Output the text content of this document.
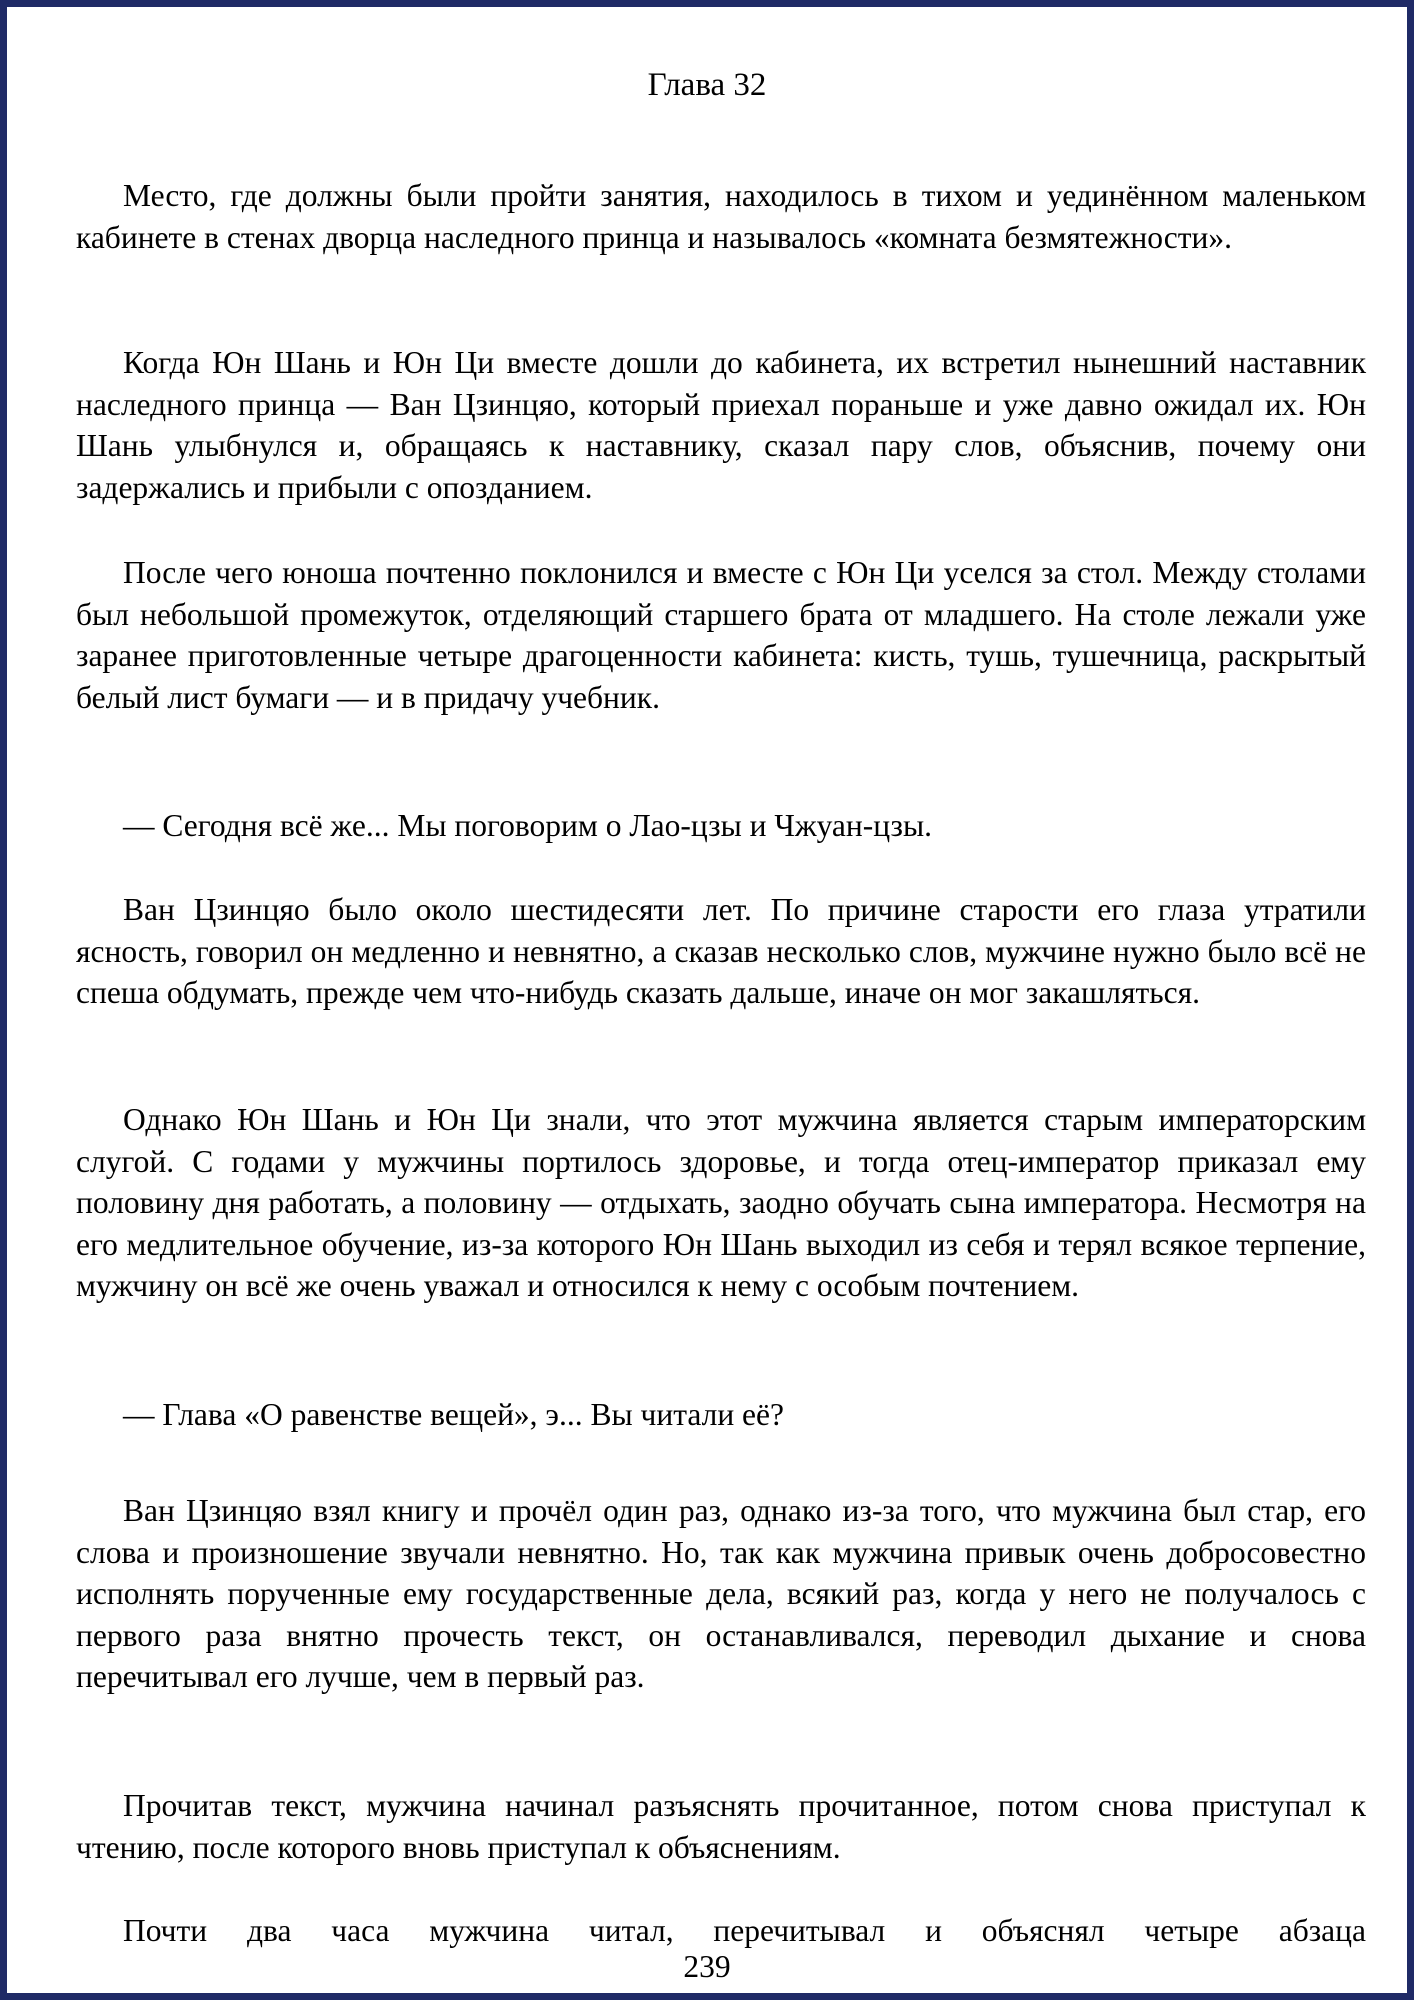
Глава 32

Место, где должны были пройти занятия, находилось в тихом и уединённом маленьком кабинете в стенах дворца наследного принца и называлось «комната безмятежности».

Когда Юн Шань и Юн Ци вместе дошли до кабинета, их встретил нынешний наставник наследного принца — Ван Цзинцяо, который приехал пораньше и уже давно ожидал их. Юн Шань улыбнулся и, обращаясь к наставнику, сказал пару слов, объяснив, почему они задержались и прибыли с опозданием.

После чего юноша почтенно поклонился и вместе с Юн Ци уселся за стол. Между столами был небольшой промежуток, отделяющий старшего брата от младшего. На столе лежали уже заранее приготовленные четыре драгоценности кабинета: кисть, тушь, тушечница, раскрытый белый лист бумаги — и в придачу учебник.

— Сегодня всё же... Мы поговорим о Лао-цзы и Чжуан-цзы.

Ван Цзинцяо было около шестидесяти лет. По причине старости его глаза утратили ясность, говорил он медленно и невнятно, а сказав несколько слов, мужчине нужно было всё не спеша обдумать, прежде чем что-нибудь сказать дальше, иначе он мог закашляться.

Однако Юн Шань и Юн Ци знали, что этот мужчина является старым императорским слугой. С годами у мужчины портилось здоровье, и тогда отец-император приказал ему половину дня работать, а половину — отдыхать, заодно обучать сына императора. Несмотря на его медлительное обучение, из-за которого Юн Шань выходил из себя и терял всякое терпение, мужчину он всё же очень уважал и относился к нему с особым почтением.

— Глава «О равенстве вещей», э... Вы читали её?

Ван Цзинцяо взял книгу и прочёл один раз, однако из-за того, что мужчина был стар, его слова и произношение звучали невнятно. Но, так как мужчина привык очень добросовестно исполнять порученные ему государственные дела, всякий раз, когда у него не получалось с первого раза внятно прочесть текст, он останавливался, переводил дыхание и снова перечитывал его лучше, чем в первый раз.

Прочитав текст, мужчина начинал разъяснять прочитанное, потом снова приступал к чтению, после которого вновь приступал к объяснениям.

Почти два часа мужчина читал, перечитывал и объяснял четыре абзаца

239
